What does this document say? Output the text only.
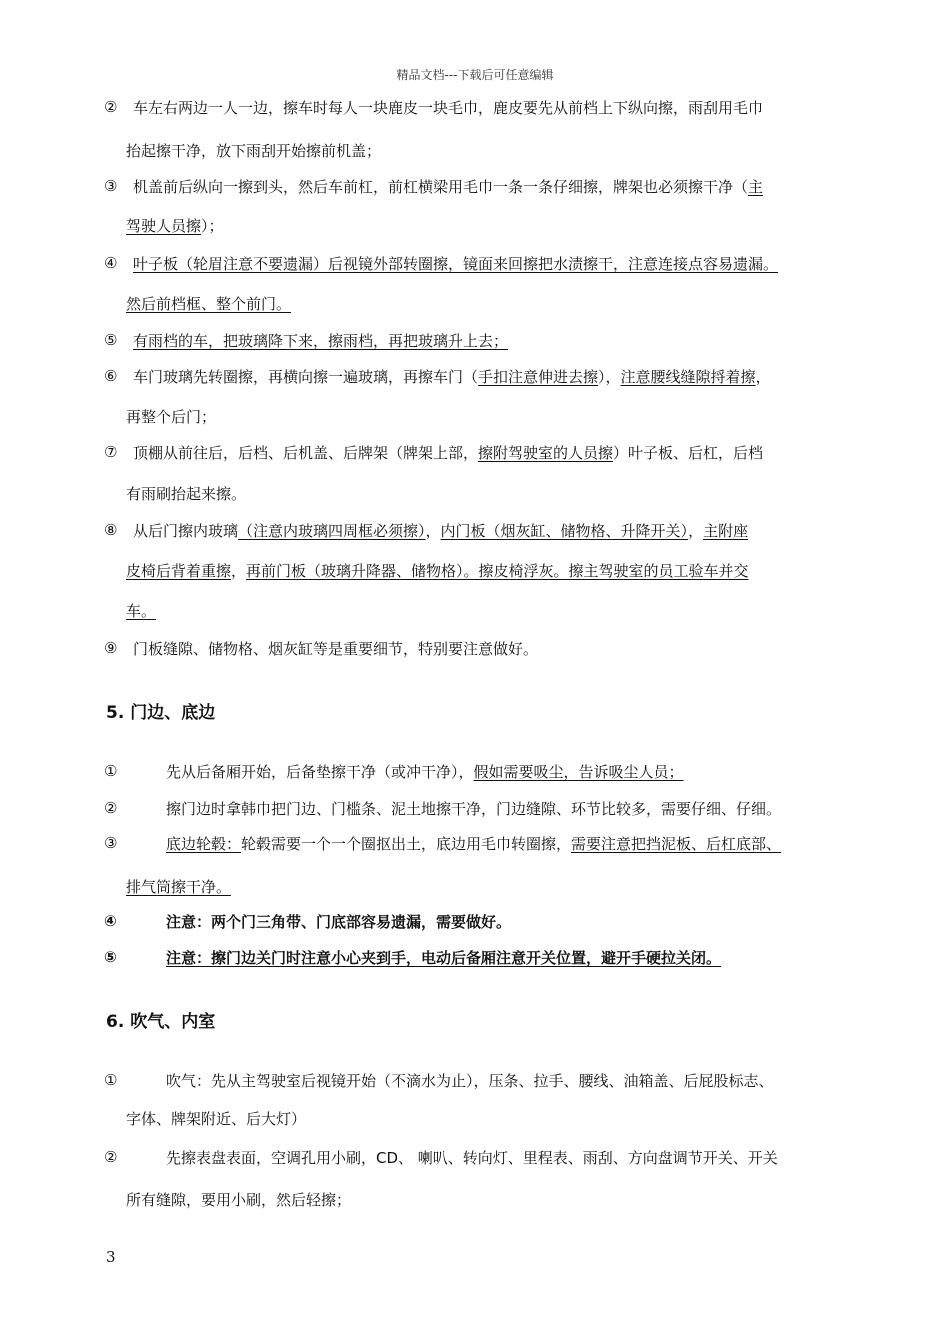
精品文档---下载后可任意编辑
② 车左右两边一人一边，擦车时每人一块鹿皮一块毛巾，鹿皮要先从前档上下纵向擦，雨刮用毛巾
抬起擦干净，放下雨刮开始擦前机盖；
③ 机盖前后纵向一擦到头，然后车前杠，前杠横梁用毛巾一条一条仔细擦，牌架也必须擦干净（主
驾驶人员擦）；
④ 叶子板（轮眉注意不要遗漏）后视镜外部转圈擦，镜面来回擦把水渍擦干，注意连接点容易遗漏。
然后前档框、整个前门。
⑤ 有雨档的车，把玻璃降下来，擦雨档，再把玻璃升上去；
⑥ 车门玻璃先转圈擦，再横向擦一遍玻璃，再擦车门（手扣注意伸进去擦），注意腰线缝隙捋着擦，
再整个后门；
⑦ 顶棚从前往后，后档、后机盖、后牌架（牌架上部，擦附驾驶室的人员擦）叶子板、后杠，后档
有雨刷抬起来擦。
⑧ 从后门擦内玻璃（注意内玻璃四周框必须擦），内门板（烟灰缸、储物格、升降开关），主附座
皮椅后背着重擦，再前门板（玻璃升降器、储物格）。擦皮椅浮灰。擦主驾驶室的员工验车并交
车。
⑨ 门板缝隙、储物格、烟灰缸等是重要细节，特别要注意做好。
5. 门边、底边
①	先从后备厢开始，后备垫擦干净（或冲干净），假如需要吸尘，告诉吸尘人员；
②	擦门边时拿韩巾把门边、门槛条、泥土地擦干净，门边缝隙、环节比较多，需要仔细、仔细。
③	底边轮毂：轮毂需要一个一个圈抠出土，底边用毛巾转圈擦，需要注意把挡泥板、后杠底部、
排气筒擦干净。
④	注意：两个门三角带、门底部容易遗漏，需要做好。
⑤	注意：擦门边关门时注意小心夹到手，电动后备厢注意开关位置，避开手硬拉关闭。
6. 吹气、内室
①	吹气：先从主驾驶室后视镜开始（不滴水为止），压条、拉手、腰线、油箱盖、后屁股标志、
字体、牌架附近、后大灯）
②	先擦表盘表面，空调孔用小刷，CD、 喇叭、转向灯、里程表、雨刮、方向盘调节开关、开关
所有缝隙，要用小刷，然后轻擦；
3
